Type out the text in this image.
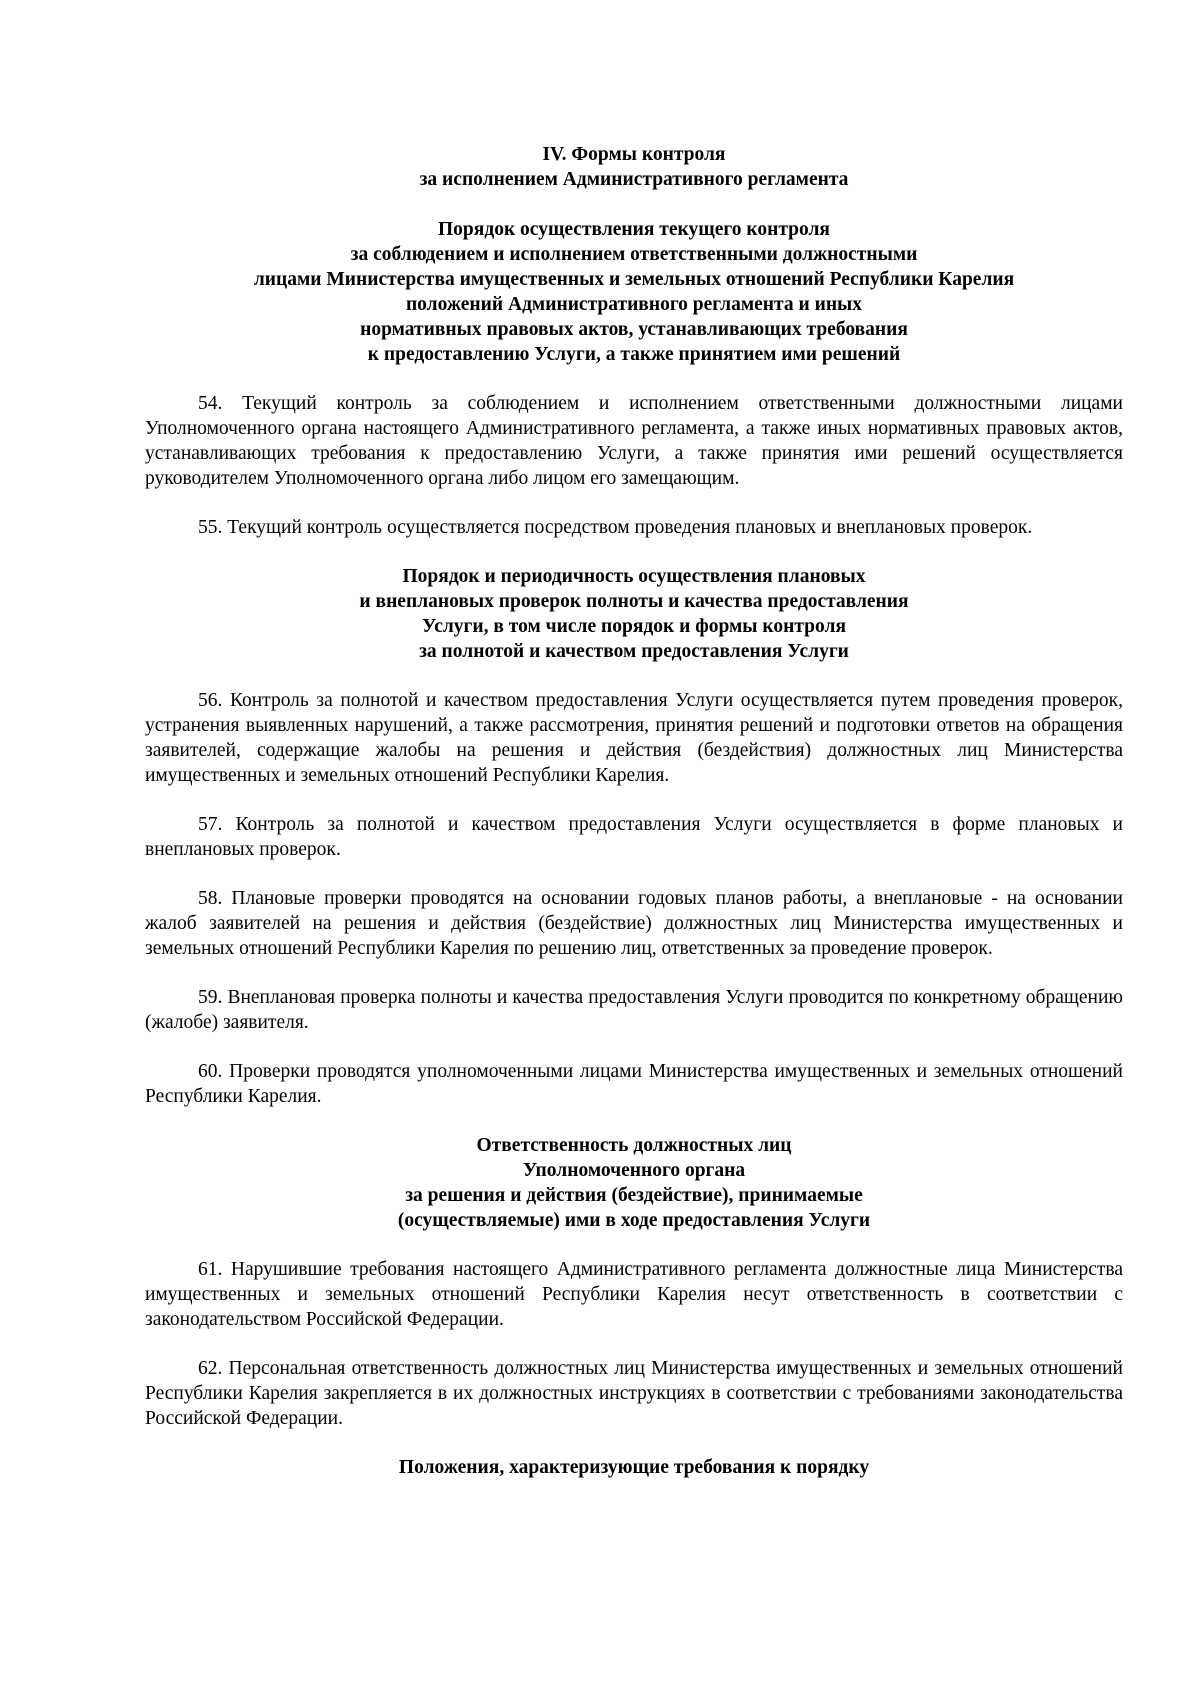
IV. Формы контроля
за исполнением Административного регламента
Порядок осуществления текущего контроля
за соблюдением и исполнением ответственными должностными
лицами Министерства имущественных и земельных отношений Республики Карелия
положений Административного регламента и иных
нормативных правовых актов, устанавливающих требования
к предоставлению Услуги, а также принятием ими решений

54. Текущий контроль за соблюдением и исполнением ответственными должностными лицами Уполномоченного органа настоящего Административного регламента, а также иных нормативных правовых актов, устанавливающих требования к предоставлению Услуги, а также принятия ими решений осуществляется руководителем Уполномоченного органа либо лицом его замещающим.

55. Текущий контроль осуществляется посредством проведения плановых и внеплановых проверок.

Порядок и периодичность осуществления плановых
и внеплановых проверок полноты и качества предоставления
Услуги, в том числе порядок и формы контроля
за полнотой и качеством предоставления Услуги

56. Контроль за полнотой и качеством предоставления Услуги осуществляется путем проведения проверок, устранения выявленных нарушений, а также рассмотрения, принятия решений и подготовки ответов на обращения заявителей, содержащие жалобы на решения и действия (бездействия) должностных лиц Министерства имущественных и земельных отношений Республики Карелия.

57. Контроль за полнотой и качеством предоставления Услуги осуществляется в форме плановых и внеплановых проверок.

58. Плановые проверки проводятся на основании годовых планов работы, а внеплановые - на основании жалоб заявителей на решения и действия (бездействие) должностных лиц Министерства имущественных и земельных отношений Республики Карелия по решению лиц, ответственных за проведение проверок.

59. Внеплановая проверка полноты и качества предоставления Услуги проводится по конкретному обращению (жалобе) заявителя.

60. Проверки проводятся уполномоченными лицами Министерства имущественных и земельных отношений Республики Карелия.

Ответственность должностных лиц
Уполномоченного органа
за решения и действия (бездействие), принимаемые
(осуществляемые) ими в ходе предоставления Услуги

61. Нарушившие требования настоящего Административного регламента должностные лица Министерства имущественных и земельных отношений Республики Карелия несут ответственность в соответствии с законодательством Российской Федерации.

62. Персональная ответственность должностных лиц Министерства имущественных и земельных отношений Республики Карелия закрепляется в их должностных инструкциях в соответствии с требованиями законодательства Российской Федерации.

Положения, характеризующие требования к порядку
